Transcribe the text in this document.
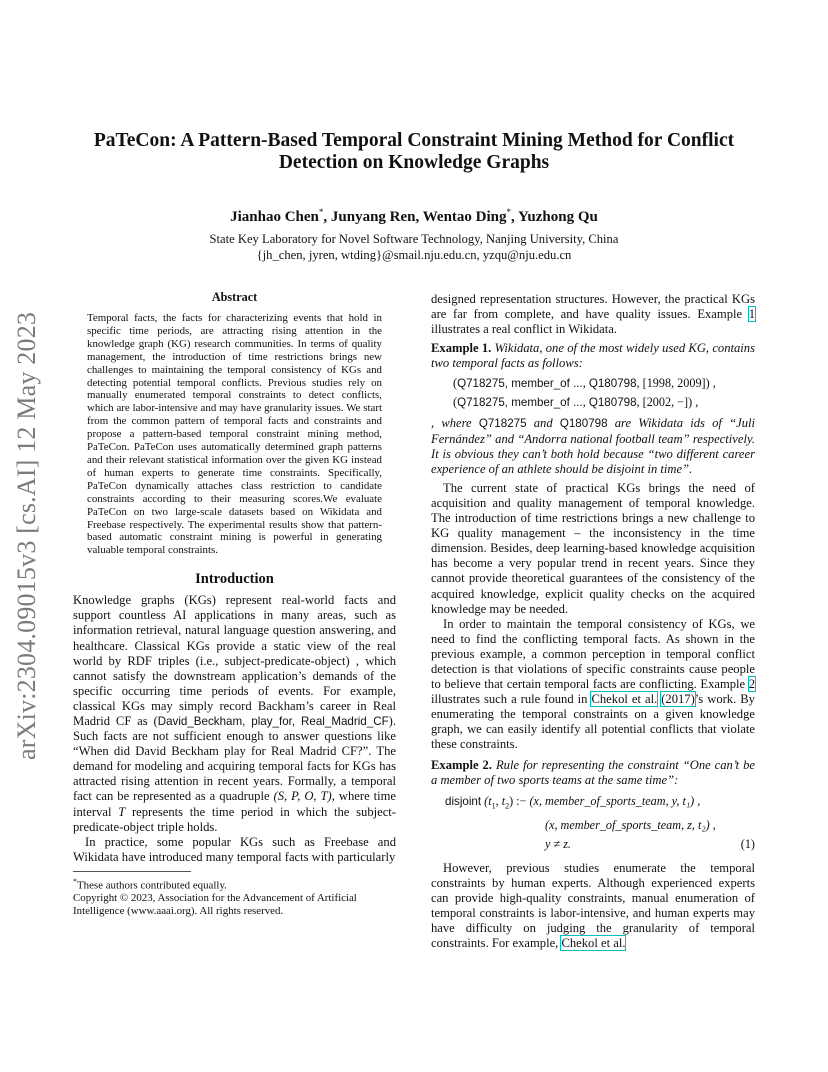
arXiv:2304.09015v3 [cs.AI] 12 May 2023
PaTeCon: A Pattern-Based Temporal Constraint Mining Method for Conflict
Detection on Knowledge Graphs
Jianhao Chen*, Junyang Ren, Wentao Ding*, Yuzhong Qu
State Key Laboratory for Novel Software Technology, Nanjing University, China
{jh_chen, jyren, wtding}@smail.nju.edu.cn, yzqu@nju.edu.cn
Abstract

Temporal facts, the facts for characterizing events that hold in specific time periods, are attracting rising attention in the knowledge graph (KG) research communities. In terms of quality management, the introduction of time restrictions brings new challenges to maintaining the temporal consistency of KGs and detecting potential temporal conflicts. Previous studies rely on manually enumerated temporal constraints to detect conflicts, which are labor-intensive and may have granularity issues. We start from the common pattern of temporal facts and constraints and propose a pattern-based temporal constraint mining method, PaTeCon. PaTeCon uses automatically determined graph patterns and their relevant statistical information over the given KG instead of human experts to generate time constraints. Specifically, PaTeCon dynamically attaches class restriction to candidate constraints according to their measuring scores.We evaluate PaTeCon on two large-scale datasets based on Wikidata and Freebase respectively. The experimental results show that pattern-based automatic constraint mining is powerful in generating valuable temporal constraints.

Introduction

Knowledge graphs (KGs) represent real-world facts and support countless AI applications in many areas, such as information retrieval, natural language question answering, and healthcare. Classical KGs provide a static view of the real world by RDF triples (i.e., subject-predicate-object) , which cannot satisfy the downstream application’s demands of the specific occurring time periods of events. For example, classical KGs may simply record Backham’s career in Real Madrid CF as (David_Beckham, play_for, Real_Madrid_CF). Such facts are not sufficient enough to answer questions like “When did David Beckham play for Real Madrid CF?”. The demand for modeling and acquiring temporal facts for KGs has attracted rising attention in recent years. Formally, a temporal fact can be represented as a quadruple (S, P, O, T), where time interval T represents the time period in which the subject-predicate-object triple holds.

In practice, some popular KGs such as Freebase and Wikidata have introduced many temporal facts with particularly

*These authors contributed equally.

Copyright © 2023, Association for the Advancement of Artificial Intelligence (www.aaai.org). All rights reserved.

designed representation structures. However, the practical KGs are far from complete, and have quality issues. Example 1 illustrates a real conflict in Wikidata.

Example 1. Wikidata, one of the most widely used KG, contains two temporal facts as follows:

(Q718275, member_of ..., Q180798, [1998, 2009]) ,
(Q718275, member_of ..., Q180798, [2002, −]) ,

, where Q718275 and Q180798 are Wikidata ids of “Juli Fernández” and “Andorra national football team” respectively. It is obvious they can’t both hold because “two different career experience of an athlete should be disjoint in time”.

The current state of practical KGs brings the need of acquisition and quality management of temporal knowledge. The introduction of time restrictions brings a new challenge to KG quality management – the inconsistency in the time dimension. Besides, deep learning-based knowledge acquisition has become a very popular trend in recent years. Since they cannot provide theoretical guarantees of the consistency of the acquired knowledge, explicit quality checks on the acquired knowledge may be needed.

In order to maintain the temporal consistency of KGs, we need to find the conflicting temporal facts. As shown in the previous example, a common perception in temporal conflict detection is that violations of specific constraints cause people to believe that certain temporal facts are conflicting. Example 2 illustrates such a rule found in Chekol et al. (2017)’s work. By enumerating the temporal constraints on a given knowledge graph, we can easily identify all potential conflicts that violate these constraints.

Example 2. Rule for representing the constraint “One can’t be a member of two sports teams at the same time”:

disjoint ($t_1$, $t_2$) :− (x, member_of_sports_team, y, t₁) ,
(x, member_of_sports_team, z, t₂) ,
y ≠ z.	(1)

However, previous studies enumerate the temporal constraints by human experts. Although experienced experts can provide high-quality constraints, manual enumeration of temporal constraints is labor-intensive, and human experts may have difficulty on judging the granularity of temporal constraints. For example, Chekol et al.
